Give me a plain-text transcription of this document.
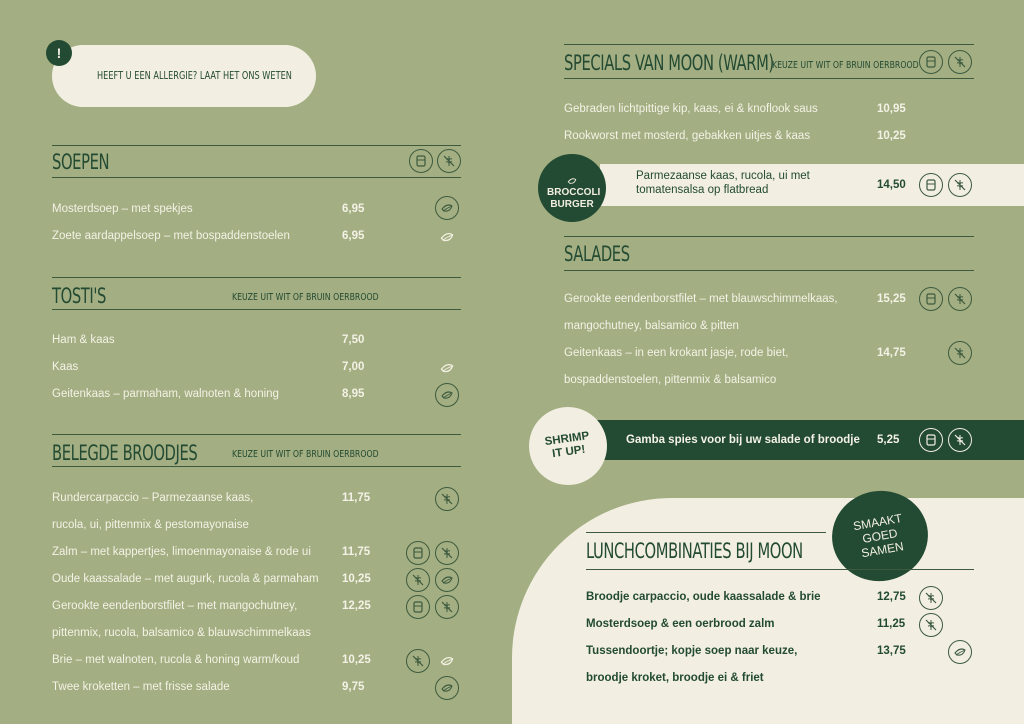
!
HEEFT U EEN ALLERGIE? LAAT HET ONS WETEN
SOEPEN
Mosterdsoep – met spekjes	6,95
Zoete aardappelsoep – met bospaddenstoelen	6,95
TOSTI'S	KEUZE UIT WIT OF BRUIN OERBROOD
Ham & kaas	7,50
Kaas	7,00
Geitenkaas – parmaham, walnoten & honing	8,95
BELEGDE BROODJES	KEUZE UIT WIT OF BRUIN OERBROOD
Rundercarpaccio – Parmezaanse kaas,
rucola, ui, pittenmix & pestomayonaise
11,75
Zalm – met kappertjes, limoenmayonaise & rode ui	11,75
Oude kaassalade – met augurk, rucola & parmaham 10,25
Gerookte eendenborstfilet – met mangochutney,
pittenmix, rucola, balsamico & blauwschimmelkaas
12,25
Brie – met walnoten, rucola & honing warm/koud	10,25
Twee kroketten – met frisse salade	9,75
SPECIALS VAN MOON (WARM)
KEUZE UIT WIT OF BRUIN OERBROOD
Gebraden lichtpittige kip, kaas, ei & knoflook saus	10,95
Rookworst met mosterd, gebakken uitjes & kaas	10,25
BROCCOLI BURGER
Parmezaanse kaas, rucola, ui met
tomatensalsa op flatbread	14,50
SALADES
Gerookte eendenborstfilet – met blauwschimmelkaas,
mangochutney, balsamico & pitten
15,25
Geitenkaas – in een krokant jasje, rode biet,
bospaddenstoelen, pittenmix & balsamico
14,75
SHRIMP IT UP!
Gamba spies voor bij uw salade of broodje 5,25
SMAAKT GOED SAMEN
LUNCHCOMBINATIES BIJ MOON
Broodje carpaccio, oude kaassalade & brie	12,75
Mosterdsoep & een oerbrood zalm	11,25
Tussendoortje; kopje soep naar keuze,
broodje kroket, broodje ei & friet
13,75
